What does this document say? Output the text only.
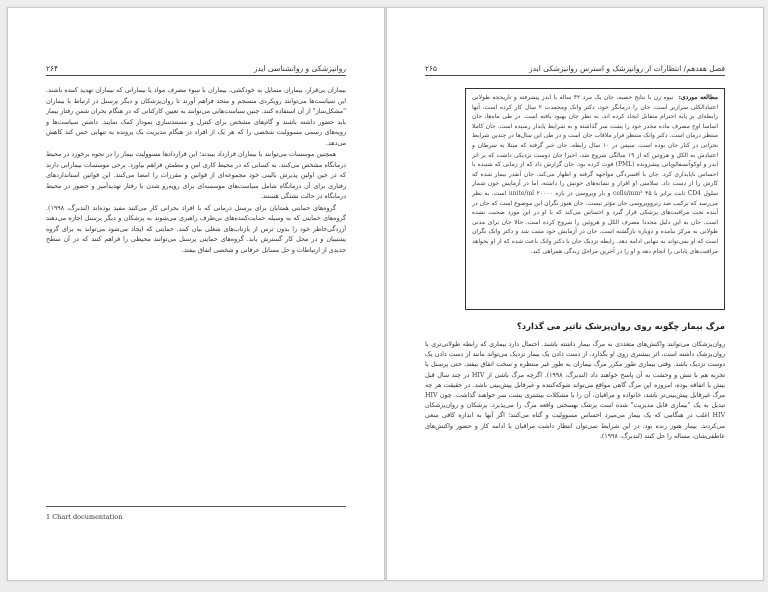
۲۶۴	روانپزشکی و روانشناسی ایدز

بیماران بی‌قرار، بیماران متمایل به خودکشی، بیماران با سوء مصرف مواد یا بیمارانی که بیماران تهدید کننده باشند. این سیاست‌ها می‌توانند رویکردی منسجم و متحد فراهم آورند تا روان‌پزشکان و دیگر پرسنل در ارتباط با بیماران "مشکل‌ساز" از آن استفاده کنند. چنین سیاست‌هایی می‌توانند به تعیین کار‌کنانی که در هنگام بحران شمن رفتار بیمار باید حضور داشته باشند و گام‌های مشخص برای کنترل و مستندسازی نمودار کمک نمایند. داشتن سیاست‌ها و رویه‌های رسمی مسوولیت شخصی را که هر یک از افراد در هنگام مدیریت یک پرونده به تنهایی حس کند کاهش می‌دهد.

همچنین موسسات می‌توانند با بیماران قرارداد ببندند؛ این قراردادها مسوولیت بیمار را در نحوه برخورد در محیط درمانگاه مشخص می‌کنند. به کسانی که در محیط کاری امن و مطمئن فراهم بیاورد. برخی موسسات بیمارانی دارند که در حین اولین پذیرش بالینی خود مجموعه‌ای از قوانین و مقررات را امضا می‌کنند. این قوانین استانداردهای رفتاری برای آن درمانگاه شامل سیاست‌های موسسه‌ای برای رویه‌رو شدن با رفتار تهدیدآمیز و حضور در محیط درمانگاه در حالت نشئگی هستند.

گروه‌های حمایتی همتایان برای پرسنل درمانی که با افراد بحرانی کار می‌کنند مفید بوده‌اند (لندبرگ، ۱۹۹۸). گروه‌های حمایتی که به وسیله حمایت‌کننده‌های بی‌طرف راهبری می‌شوند به پزشکان و دیگر پرسنل اجازه می‌دهند آزردگی‌خاطر خود را بدون ترس از بازتاب‌های شغلی بیان کنند. حمایتی که ایجاد می‌شود می‌تواند به برای گروه پشتیبان و در محل کار گسترش یابد. گروه‌های حمایتی پرسنل می‌توانند محیطی را فراهم کنند که در آن سطح جدیدی از ارتباطات و حل مسایل عرفانی و شخصی اتفاق بیفتد.

1 Chart documentation
۲۶۵	فصل هفدهم/ انتظارات از روانپزشک و استرس روانپزشکی ایدز
مطالعه موردی: بیوه زن با نتایج حصبه. جان یک مرد ۴۲ ساله با ایدز پیشرفته و تاریخچه طولانی اعتیاد‌الکلی سرازیر است. جان را درمانگر خود، دکتر واتک ومحمدت ۲ سال کار کرده است. آنها رابطه‌ای بر پایه احترام متقابل ایجاد کرده اند. به نظر جان بهبود یافته است. در طی ماه‌ها، جان اساسا اوج مصرف ماده مخدر خود را پشت سر گذاشته و به شرایط پایدار رسیده است. جان کاملا منتظر درمان است. دکتر واتک منتظر فرار ملاقات جان است و در طی این سال‌ها در چندین شرایط بحرانی در کنار جان بوده است. سپس در ۱۰ سال رابطه، جان خبر گرفته که مبتلا به سرطان و اعتیادش به الکل و هروئین که از ۱۹ سالگی شروع شد، اخیرا جان دوست نزدیکی داشت که بر اثر ایدز و لوکوآنسفالوپاتی پیشرونده (PML) فوت کرده بود. جان گزارش داد که از زمانی که شنیده با احساس ناپایداری کرد. جان با افسردگی مواجهه گرفته و اظهار می‌کند. جان آنقدر بیمار شده که کارش را از دست داد. سلامتی او افزار و نشانه‌های خونش را داشته، اما در آزمایش خون شمار سلول CD4 ثابت برابر با ۴۵ cells/mm³ و بار ویروسی در بازه ۲۰۰۰۰ unite/ml است. به نظر می‌رسد که ترکیب ضد رتروویروسی جان مؤثر نیست. جان هنوز نگران این موضوع است که جان در آینده تحت مراقبت‌های پزشکی قرار گیرد و احساس می‌کند که با او در این مورد صحبت نشده است. جان به این دلیل مجددا مصرف الکل و هروئین را شروع کرده است. حالا جان برای مدتی طولانی به مرکز نیامده و دوباره بازگشته است. جان در آزمایش خود مثبت شد و دکتر واتک نگران است که او نمی‌تواند به تنهایی ادامه دهد. رابطه نزدیک جان با دکتر واتک باعث شده که از او بخواهد مراقبت‌های پایانی را انجام دهد و او را در آخرین مراحل زندگی همراهی کند.
مرگ بیمار چگونه روی روان‌پزشک تاثیر می گذارد؟

روان‌پزشکان می‌توانند واکنش‌های متعددی به مرگ بیمار داشته باشند. احتمال دارد بیماری که رابطه طولانی‌تری با روان‌پزشک داشته است، اثر بیشتری روی او بگذارد. از دست دادن یک بیمار نزدیک می‌تواند مانند از دست دادن یک دوست نزدیک باشد. وقتی بیماری طور مکرر مرگ بیماران به طور غیر منتظره و سخت اتفاق بیفتد، حتی پرسنل با تجربه هم با تنش و وحشت به آن پاسخ خواهند داد (لندبرگ، ۱۹۹۸). اگرچه مرگ ناشی از HIV در چند سال قبل بیش یا اتفاقه بوده، امروزه این مرگ گاهی مواقع می‌تواند شوکه‌کننده و غیرقابل پیش‌بینی باشد. در حقیقت هر چه مرگ غیرقابل پیش‌بینی‌تر باشد، خانواده و مراقبان، آن را با مشکلات بیشتری پشت سر خواهند گذاشت. چون HIV تبدیل به یک "بیماری قابل مدیریت" شده است پزشک بهسختی واقعه مرگ را می‌پذیرد. پزشکان و روان‌پزشکان HIV اغلب در هنگامی که یک بیمار می‌میرد احساس مسوولیت و گناه می‌کنند؛ اگر آنها به اندازه کافی سعی می‌کردند، بیمار هنوز زنده بود. در این شرایط تمی‌توان انتظار داشت مراقبان با ادامه کار و حضور واکنش‌های عاطفی‌شان، مساله را حل کنند (لندبرگ، ۱۹۹۸).
